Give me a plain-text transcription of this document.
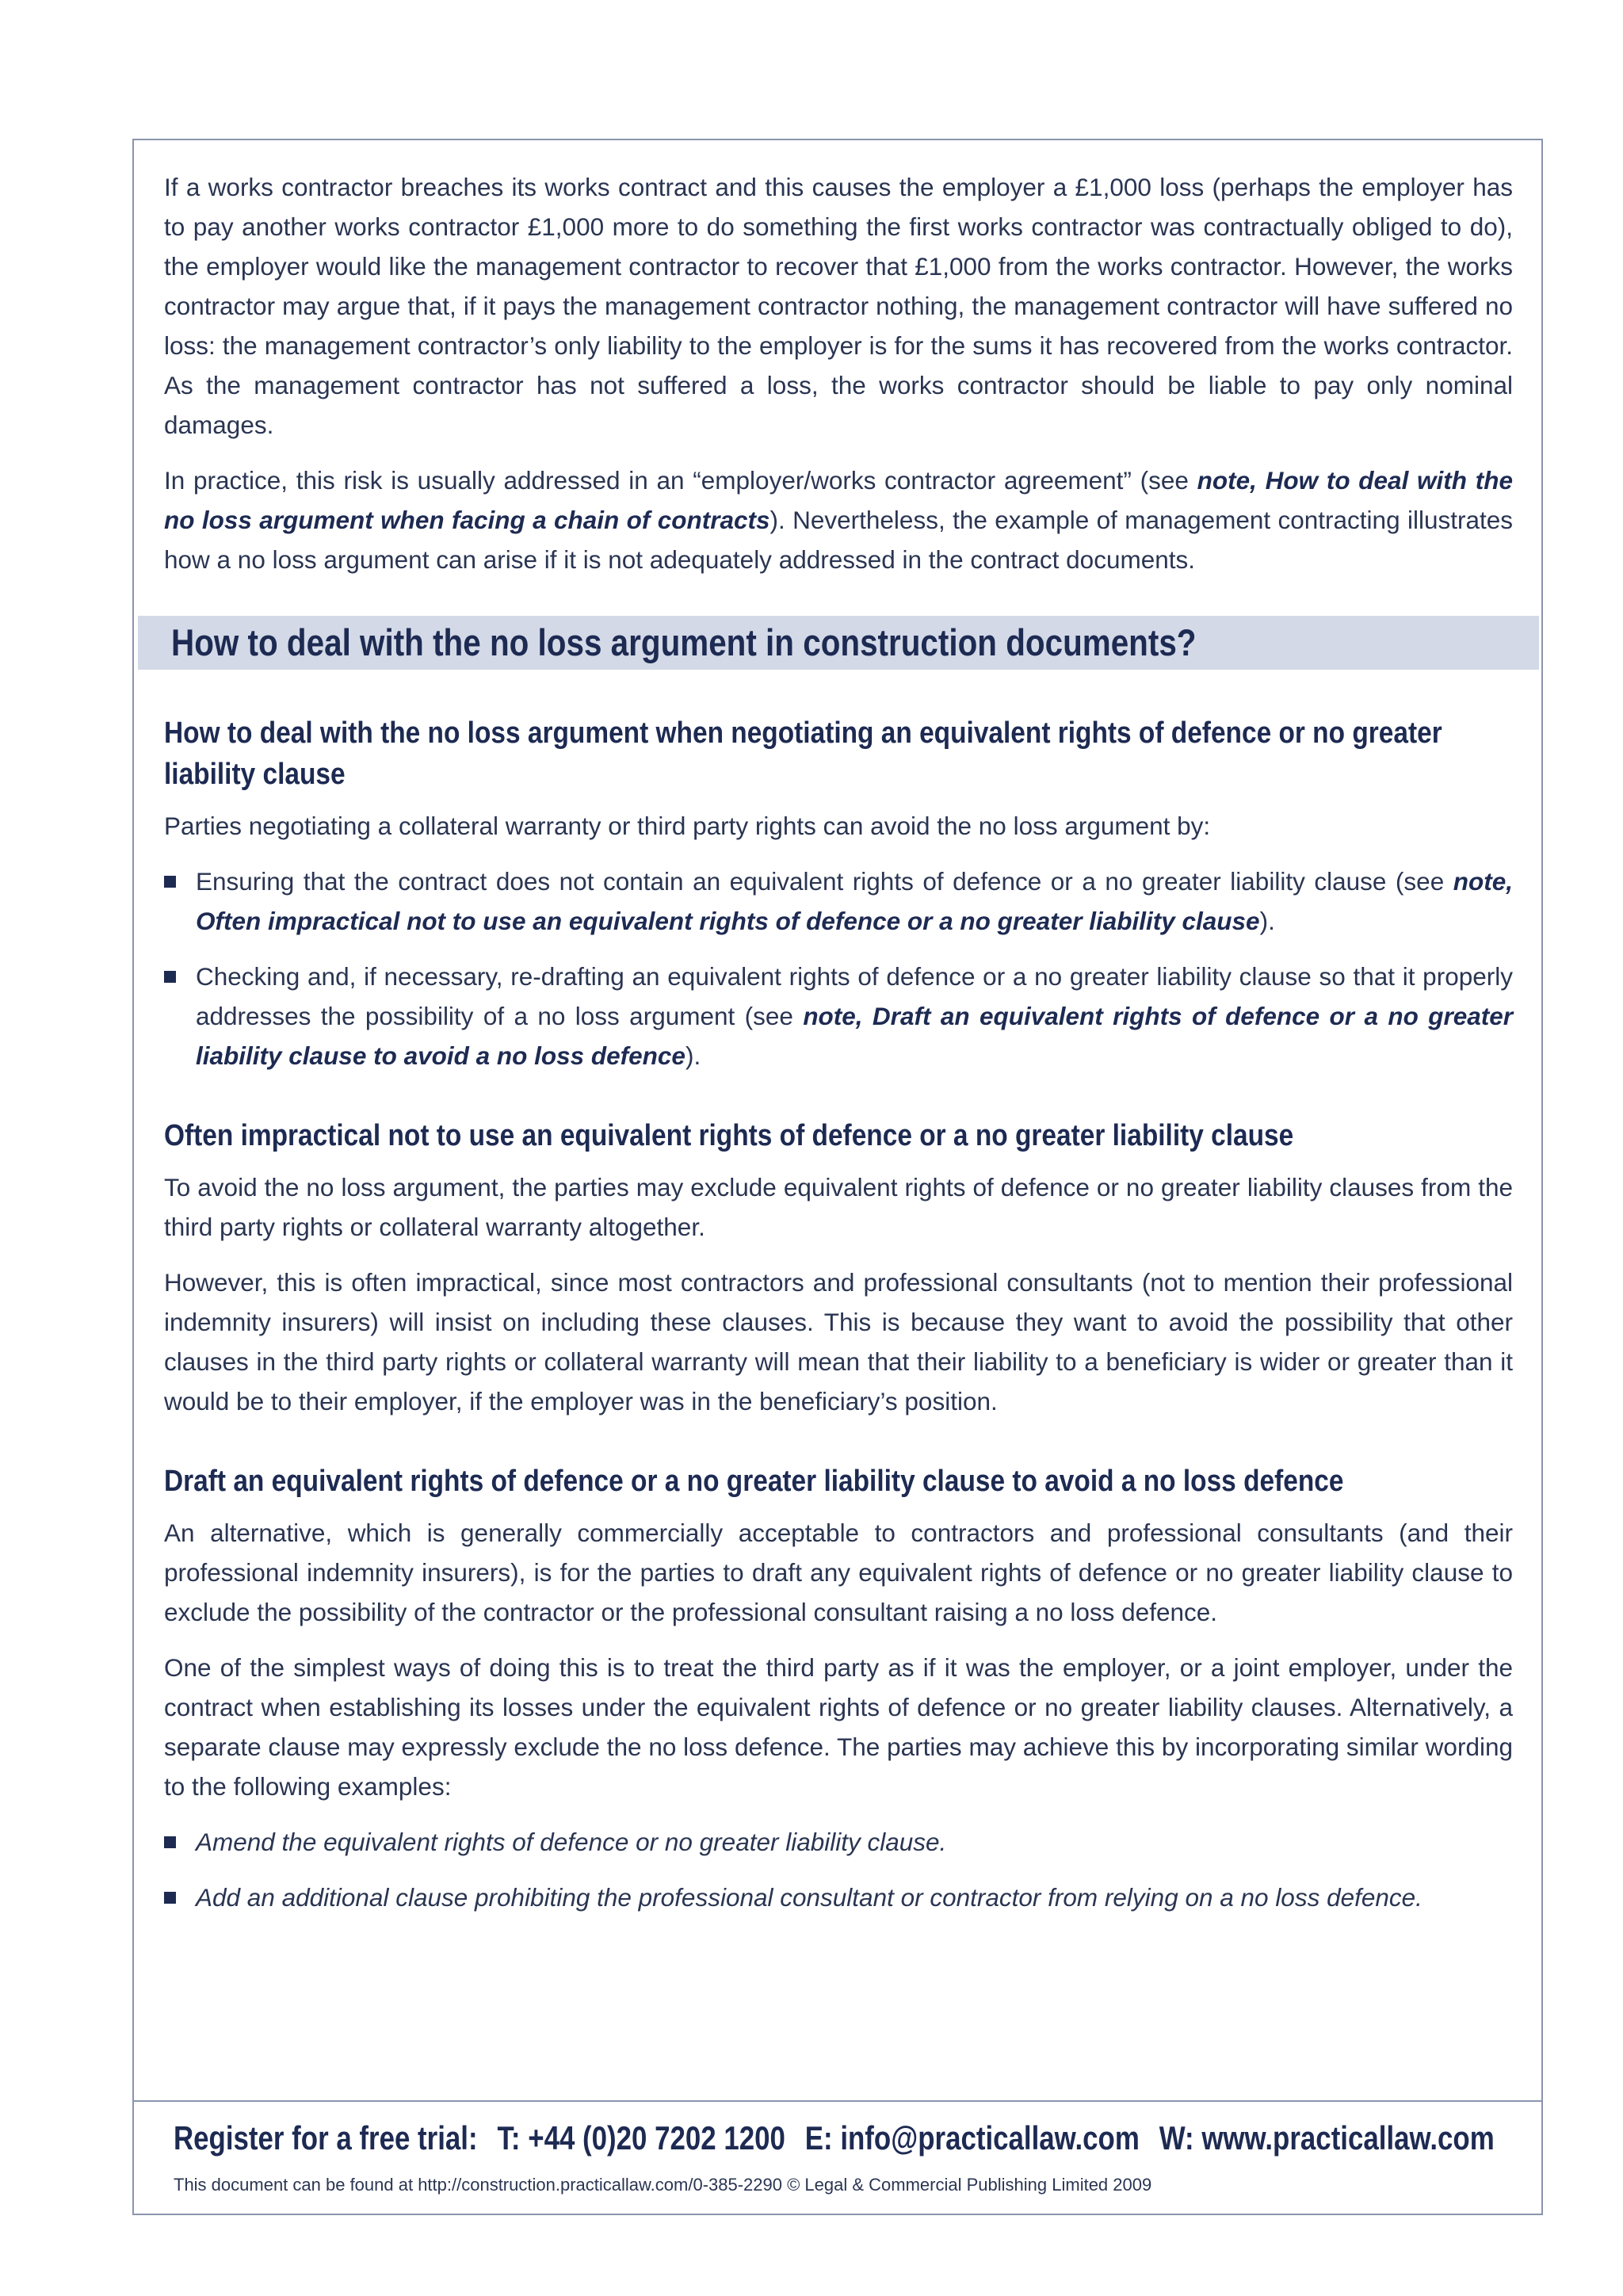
If a works contractor breaches its works contract and this causes the employer a £1,000 loss (perhaps the employer has to pay another works contractor £1,000 more to do something the first works contractor was contractually obliged to do), the employer would like the management contractor to recover that £1,000 from the works contractor. However, the works contractor may argue that, if it pays the management contractor nothing, the management contractor will have suffered no loss: the management contractor’s only liability to the employer is for the sums it has recovered from the works contractor. As the management contractor has not suffered a loss, the works contractor should be liable to pay only nominal damages.

In practice, this risk is usually addressed in an “employer/works contractor agreement” (see note, How to deal with the no loss argument when facing a chain of contracts). Nevertheless, the example of management contracting illustrates how a no loss argument can arise if it is not adequately addressed in the contract documents.

How to deal with the no loss argument in construction documents?
How to deal with the no loss argument when negotiating an equivalent rights of defence or no greater liability clause

Parties negotiating a collateral warranty or third party rights can avoid the no loss argument by:

Ensuring that the contract does not contain an equivalent rights of defence or a no greater liability clause (see note, Often impractical not to use an equivalent rights of defence or a no greater liability clause).
Checking and, if necessary, re-drafting an equivalent rights of defence or a no greater liability clause so that it properly addresses the possibility of a no loss argument (see note, Draft an equivalent rights of defence or a no greater liability clause to avoid a no loss defence).
Often impractical not to use an equivalent rights of defence or a no greater liability clause

To avoid the no loss argument, the parties may exclude equivalent rights of defence or no greater liability clauses from the third party rights or collateral warranty altogether.

However, this is often impractical, since most contractors and professional consultants (not to mention their professional indemnity insurers) will insist on including these clauses. This is because they want to avoid the possibility that other clauses in the third party rights or collateral warranty will mean that their liability to a beneficiary is wider or greater than it would be to their employer, if the employer was in the beneficiary’s position.

Draft an equivalent rights of defence or a no greater liability clause to avoid a no loss defence

An alternative, which is generally commercially acceptable to contractors and professional consultants (and their professional indemnity insurers), is for the parties to draft any equivalent rights of defence or no greater liability clause to exclude the possibility of the contractor or the professional consultant raising a no loss defence.

One of the simplest ways of doing this is to treat the third party as if it was the employer, or a joint employer, under the contract when establishing its losses under the equivalent rights of defence or no greater liability clauses. Alternatively, a separate clause may expressly exclude the no loss defence. The parties may achieve this by incorporating similar wording to the following examples:

Amend the equivalent rights of defence or no greater liability clause.
Add an additional clause prohibiting the professional consultant or contractor from relying on a no loss defence.
Register for a free trial: T: +44 (0)20 7202 1200 E: info@practicallaw.com W: www.practicallaw.com
This document can be found at http://construction.practicallaw.com/0-385-2290 © Legal & Commercial Publishing Limited 2009
